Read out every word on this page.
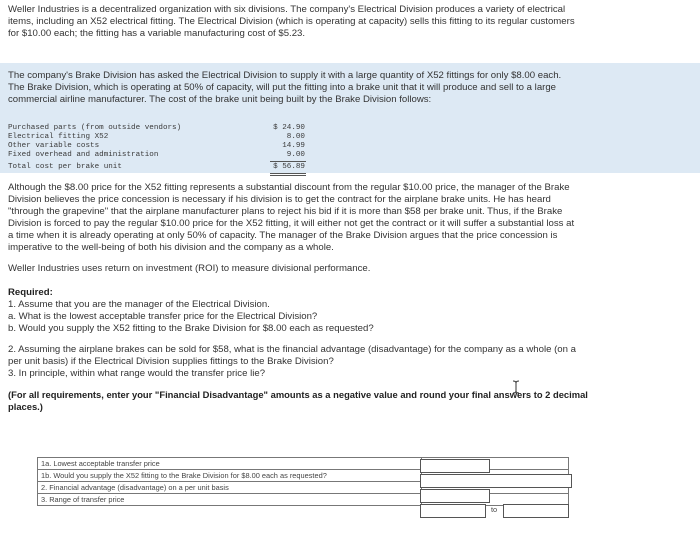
Weller Industries is a decentralized organization with six divisions. The company's Electrical Division produces a variety of electrical
items, including an X52 electrical fitting. The Electrical Division (which is operating at capacity) sells this fitting to its regular customers
for $10.00 each; the fitting has a variable manufacturing cost of $5.23.
The company's Brake Division has asked the Electrical Division to supply it with a large quantity of X52 fittings for only $8.00 each.
The Brake Division, which is operating at 50% of capacity, will put the fitting into a brake unit that it will produce and sell to a large
commercial airline manufacturer. The cost of the brake unit being built by the Brake Division follows:
Purchased parts (from outside vendors)	$ 24.90
Electrical fitting X52	8.00
Other variable costs	14.99
Fixed overhead and administration	9.00
Total cost per brake unit	$ 56.89
Although the $8.00 price for the X52 fitting represents a substantial discount from the regular $10.00 price, the manager of the Brake
Division believes the price concession is necessary if his division is to get the contract for the airplane brake units. He has heard
"through the grapevine" that the airplane manufacturer plans to reject his bid if it is more than $58 per brake unit. Thus, if the Brake
Division is forced to pay the regular $10.00 price for the X52 fitting, it will either not get the contract or it will suffer a substantial loss at
a time when it is already operating at only 50% of capacity. The manager of the Brake Division argues that the price concession is
imperative to the well-being of both his division and the company as a whole.
Weller Industries uses return on investment (ROI) to measure divisional performance.
Required:
1. Assume that you are the manager of the Electrical Division.
a. What is the lowest acceptable transfer price for the Electrical Division?
b. Would you supply the X52 fitting to the Brake Division for $8.00 each as requested?
2. Assuming the airplane brakes can be sold for $58, what is the financial advantage (disadvantage) for the company as a whole (on a
per unit basis) if the Electrical Division supplies fittings to the Brake Division?
3. In principle, within what range would the transfer price lie?
(For all requirements, enter your "Financial Disadvantage" amounts as a negative value and round your final answers to 2 decimal
places.)
1a. Lowest acceptable transfer price	
1b. Would you supply the X52 fitting to the Brake Division for $8.00 each as requested?	
2. Financial advantage (disadvantage) on a per unit basis	
3. Range of transfer price	
to
